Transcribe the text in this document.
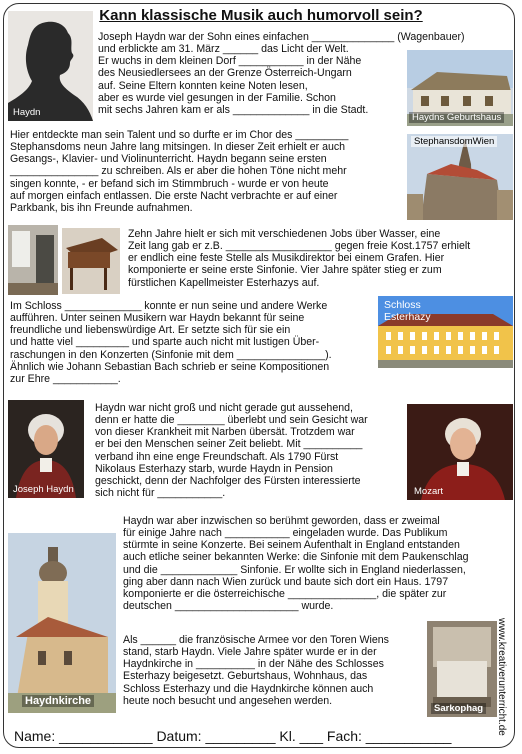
Kann klassische Musik auch humorvoll sein?
Haydn	Haydns Geburtshaus
StephansdomWien
Schloss
Esterhazy
Joseph Haydn	Mozart
Haydnkirche
Sarkophag
Joseph Haydn war der Sohn eines einfachen ______________ (Wagenbauer)
und erblickte am 31. März ______ das Licht der Welt.
Er wuchs in dem kleinen Dorf ___________ in der Nähe
des Neusiedlersees an der Grenze Österreich-Ungarn
auf. Seine Eltern konnten keine Noten lesen,
aber es wurde viel gesungen in der Familie. Schon
mit sechs Jahren kam er als _____________ in die Stadt.
Hier entdeckte man sein Talent und so durfte er im Chor des _________
Stephansdoms neun Jahre lang mitsingen. In dieser Zeit erhielt er auch
Gesangs-, Klavier- und Violinunterricht. Haydn begann seine ersten
_______________ zu schreiben. Als er aber die hohen Töne nicht mehr
singen konnte, - er befand sich im Stimmbruch - wurde er von heute
auf morgen einfach entlassen. Die erste Nacht verbrachte er auf einer
Parkbank, bis ihn Freunde aufnahmen.
Zehn Jahre hielt er sich mit verschiedenen Jobs über Wasser, eine
Zeit lang gab er z.B. __________________ gegen freie Kost.1757 erhielt
er endlich eine feste Stelle als Musikdirektor bei einem Grafen. Hier
komponierte er seine erste Sinfonie. Vier Jahre später stieg er zum
fürstlichen Kapellmeister Esterhazys auf.
Im Schloss _____________ konnte er nun seine und andere Werke
aufführen. Unter seinen Musikern war Haydn bekannt für seine
freundliche und liebenswürdige Art. Er setzte sich für sie ein
und hatte viel _________ und sparte auch nicht mit lustigen Über-
raschungen in den Konzerten (Sinfonie mit dem _______________).
Ähnlich wie Johann Sebastian Bach schrieb er seine Kompositionen
zur Ehre ___________.
Haydn war nicht groß und nicht gerade gut aussehend,
denn er hatte die ________ überlebt und sein Gesicht war
von dieser Krankheit mit Narben übersät. Trotzdem war
er bei den Menschen seiner Zeit beliebt. Mit __________
verband ihn eine enge Freundschaft. Als 1790 Fürst
Nikolaus Esterhazy starb, wurde Haydn in Pension
geschickt, denn der Nachfolger des Fürsten interessierte
sich nicht für ___________.
Haydn war aber inzwischen so berühmt geworden, dass er zweimal
für einige Jahre nach ___________ eingeladen wurde. Das Publikum
stürmte in seine Konzerte. Bei seinem Aufenthalt in England entstanden
auch etliche seiner bekannten Werke: die Sinfonie mit dem Paukenschlag
und die _____________ Sinfonie. Er wollte sich in England niederlassen,
ging aber dann nach Wien zurück und baute sich dort ein Haus. 1797
komponierte er die österreichische _______________, die später zur
deutschen _____________________ wurde.
Als ______ die französische Armee vor den Toren Wiens
stand, starb Haydn. Viele Jahre später wurde er in der
Haydnkirche in __________ in der Nähe des Schlosses
Esterhazy beigesetzt. Geburtshaus, Wohnhaus, das
Schloss Esterhazy und die Haydnkirche können auch
heute noch besucht und angesehen werden.
Name: ____________ Datum: _________ Kl. ___ Fach: ___________
www.kreativerunterricht.de
